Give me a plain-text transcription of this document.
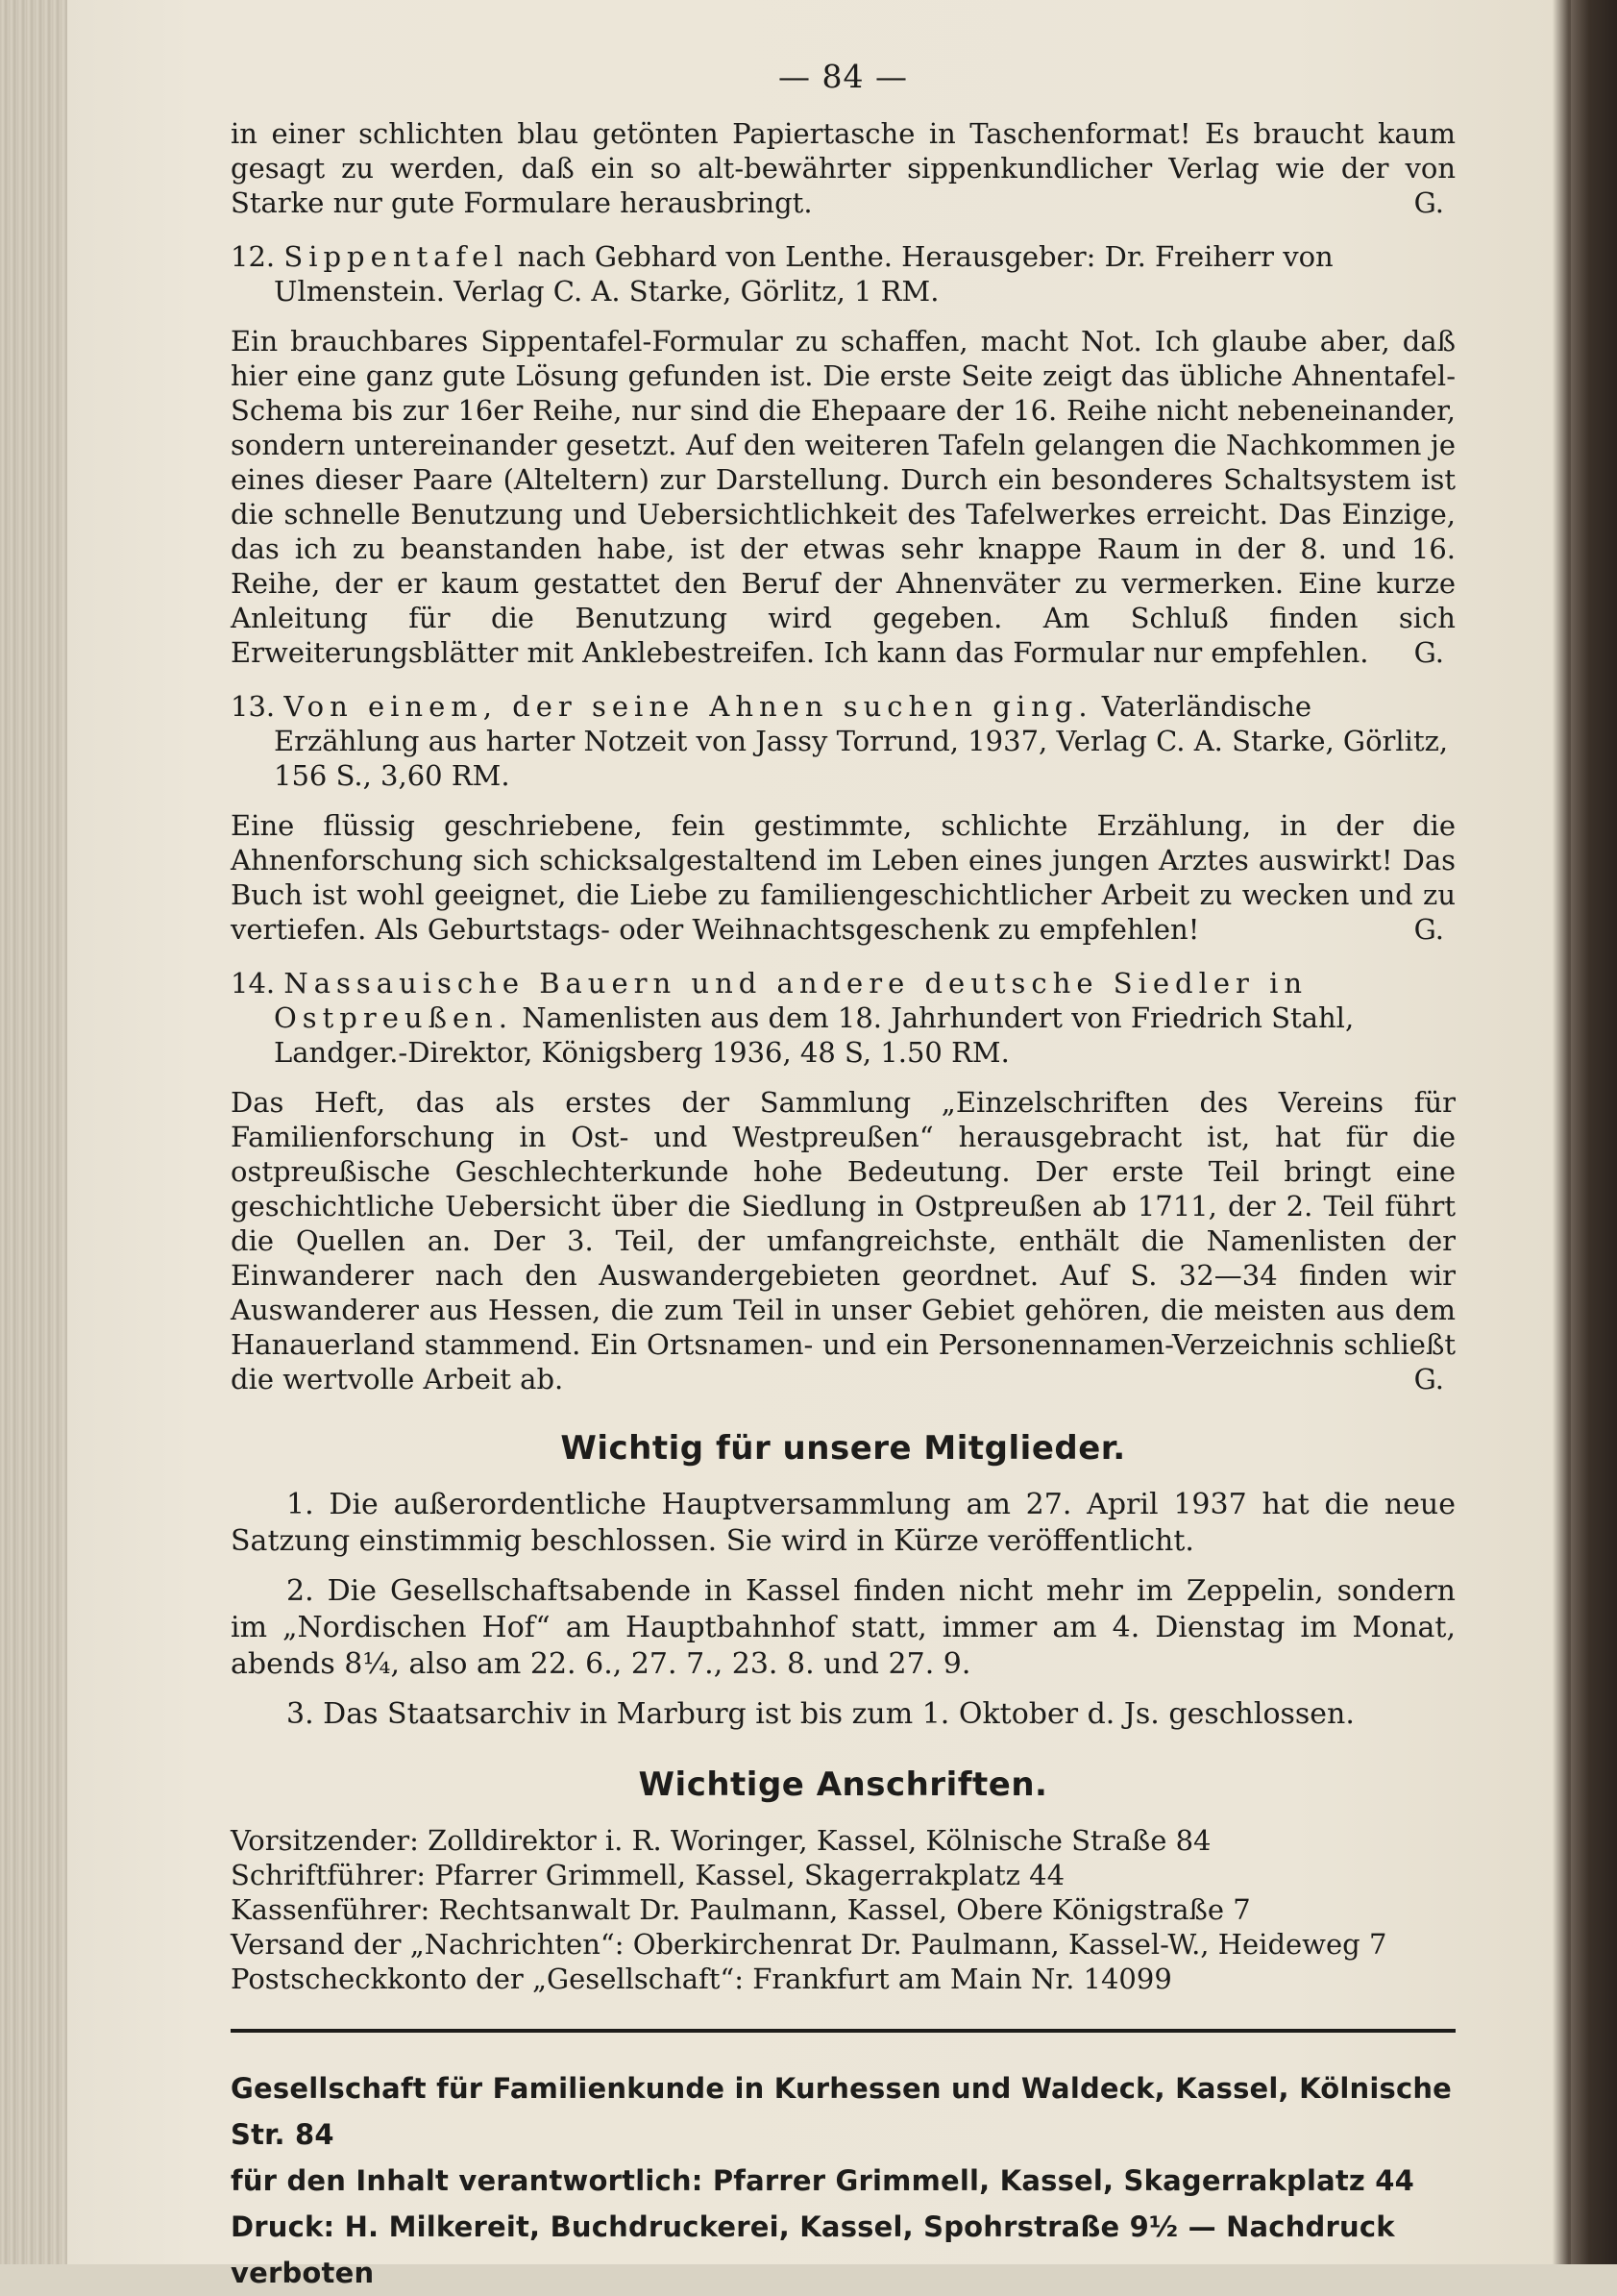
— 84 —

in einer schlichten blau getönten Papiertasche in Taschenformat! Es braucht kaum gesagt zu werden, daß ein so alt-bewährter sippenkundlicher Verlag wie der von Starke nur gute Formulare herausbringt.	G.

12. Sippentafel nach Gebhard von Lenthe. Herausgeber: Dr. Freiherr von Ulmenstein. Verlag C. A. Starke, Görlitz, 1 RM.

Ein brauchbares Sippentafel-Formular zu schaffen, macht Not. Ich glaube aber, daß hier eine ganz gute Lösung gefunden ist. Die erste Seite zeigt das übliche Ahnentafel-Schema bis zur 16er Reihe, nur sind die Ehepaare der 16. Reihe nicht nebeneinander, sondern untereinander gesetzt. Auf den weiteren Tafeln gelangen die Nachkommen je eines dieser Paare (Alteltern) zur Darstellung. Durch ein besonderes Schaltsystem ist die schnelle Benutzung und Uebersichtlichkeit des Tafelwerkes erreicht. Das Einzige, das ich zu beanstanden habe, ist der etwas sehr knappe Raum in der 8. und 16. Reihe, der er kaum gestattet den Beruf der Ahnenväter zu vermerken. Eine kurze Anleitung für die Benutzung wird gegeben. Am Schluß finden sich Erweiterungsblätter mit Anklebestreifen. Ich kann das Formular nur empfehlen. G.

13. Von einem, der seine Ahnen suchen ging. Vaterländische Erzählung aus harter Notzeit von Jassy Torrund, 1937, Verlag C. A. Starke, Görlitz, 156 S., 3,60 RM.

Eine flüssig geschriebene, fein gestimmte, schlichte Erzählung, in der die Ahnenforschung sich schicksalgestaltend im Leben eines jungen Arztes auswirkt! Das Buch ist wohl geeignet, die Liebe zu familiengeschichtlicher Arbeit zu wecken und zu vertiefen. Als Geburtstags- oder Weihnachtsgeschenk zu empfehlen!	G.

14. Nassauische Bauern und andere deutsche Siedler in Ostpreußen. Namenlisten aus dem 18. Jahrhundert von Friedrich Stahl, Landger.-Direktor, Königsberg 1936, 48 S, 1.50 RM.

Das Heft, das als erstes der Sammlung „Einzelschriften des Vereins für Familienforschung in Ost- und Westpreußen“ herausgebracht ist, hat für die ostpreußische Geschlechterkunde hohe Bedeutung. Der erste Teil bringt eine geschichtliche Uebersicht über die Siedlung in Ostpreußen ab 1711, der 2. Teil führt die Quellen an. Der 3. Teil, der umfangreichste, enthält die Namenlisten der Einwanderer nach den Auswandergebieten geordnet. Auf S. 32—34 finden wir Auswanderer aus Hessen, die zum Teil in unser Gebiet gehören, die meisten aus dem Hanauerland stammend. Ein Ortsnamen- und ein Personennamen-Verzeichnis schließt die wertvolle Arbeit ab.	G.

Wichtig für unsere Mitglieder.

1. Die außerordentliche Hauptversammlung am 27. April 1937 hat die neue Satzung einstimmig beschlossen. Sie wird in Kürze veröffentlicht.

2. Die Gesellschaftsabende in Kassel finden nicht mehr im Zeppelin, sondern im „Nordischen Hof“ am Hauptbahnhof statt, immer am 4. Dienstag im Monat, abends 8¼, also am 22. 6., 27. 7., 23. 8. und 27. 9.

3. Das Staatsarchiv in Marburg ist bis zum 1. Oktober d. Js. geschlossen.

Wichtige Anschriften.

Vorsitzender: Zolldirektor i. R. Woringer, Kassel, Kölnische Straße 84

Schriftführer: Pfarrer Grimmell, Kassel, Skagerrakplatz 44

Kassenführer: Rechtsanwalt Dr. Paulmann, Kassel, Obere Königstraße 7

Versand der „Nachrichten“: Oberkirchenrat Dr. Paulmann, Kassel-W., Heideweg 7

Postscheckkonto der „Gesellschaft“: Frankfurt am Main Nr. 14099

Gesellschaft für Familienkunde in Kurhessen und Waldeck, Kassel, Kölnische Str. 84
für den Inhalt verantwortlich: Pfarrer Grimmell, Kassel, Skagerrakplatz 44
Druck: H. Milkereit, Buchdruckerei, Kassel, Spohrstraße 9½ — Nachdruck verboten
